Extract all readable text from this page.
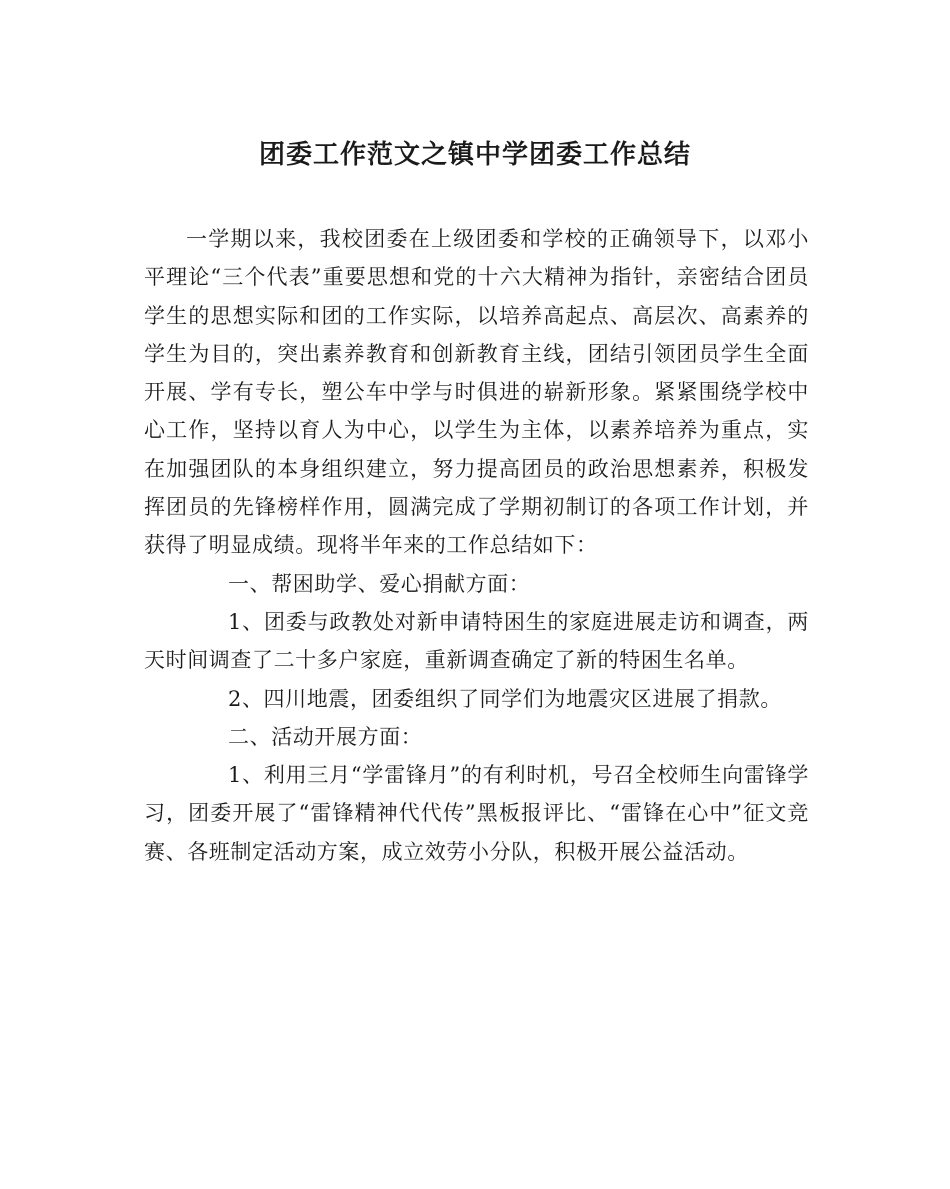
团委工作范文之镇中学团委工作总结

一学期以来，我校团委在上级团委和学校的正确领导下，以邓小平理论“三个代表”重要思想和党的十六大精神为指针，亲密结合团员学生的思想实际和团的工作实际，以培养高起点、高层次、高素养的学生为目的，突出素养教育和创新教育主线，团结引领团员学生全面开展、学有专长，塑公车中学与时俱进的崭新形象。紧紧围绕学校中心工作，坚持以育人为中心，以学生为主体，以素养培养为重点，实在加强团队的本身组织建立，努力提高团员的政治思想素养，积极发挥团员的先锋榜样作用，圆满完成了学期初制订的各项工作计划，并获得了明显成绩。现将半年来的工作总结如下：

一、帮困助学、爱心捐献方面：

1、团委与政教处对新申请特困生的家庭进展走访和调查，两天时间调查了二十多户家庭，重新调查确定了新的特困生名单。

2、四川地震，团委组织了同学们为地震灾区进展了捐款。

二、活动开展方面：

1、利用三月“学雷锋月”的有利时机，号召全校师生向雷锋学习，团委开展了“雷锋精神代代传”黑板报评比、“雷锋在心中”征文竞赛、各班制定活动方案，成立效劳小分队，积极开展公益活动。
